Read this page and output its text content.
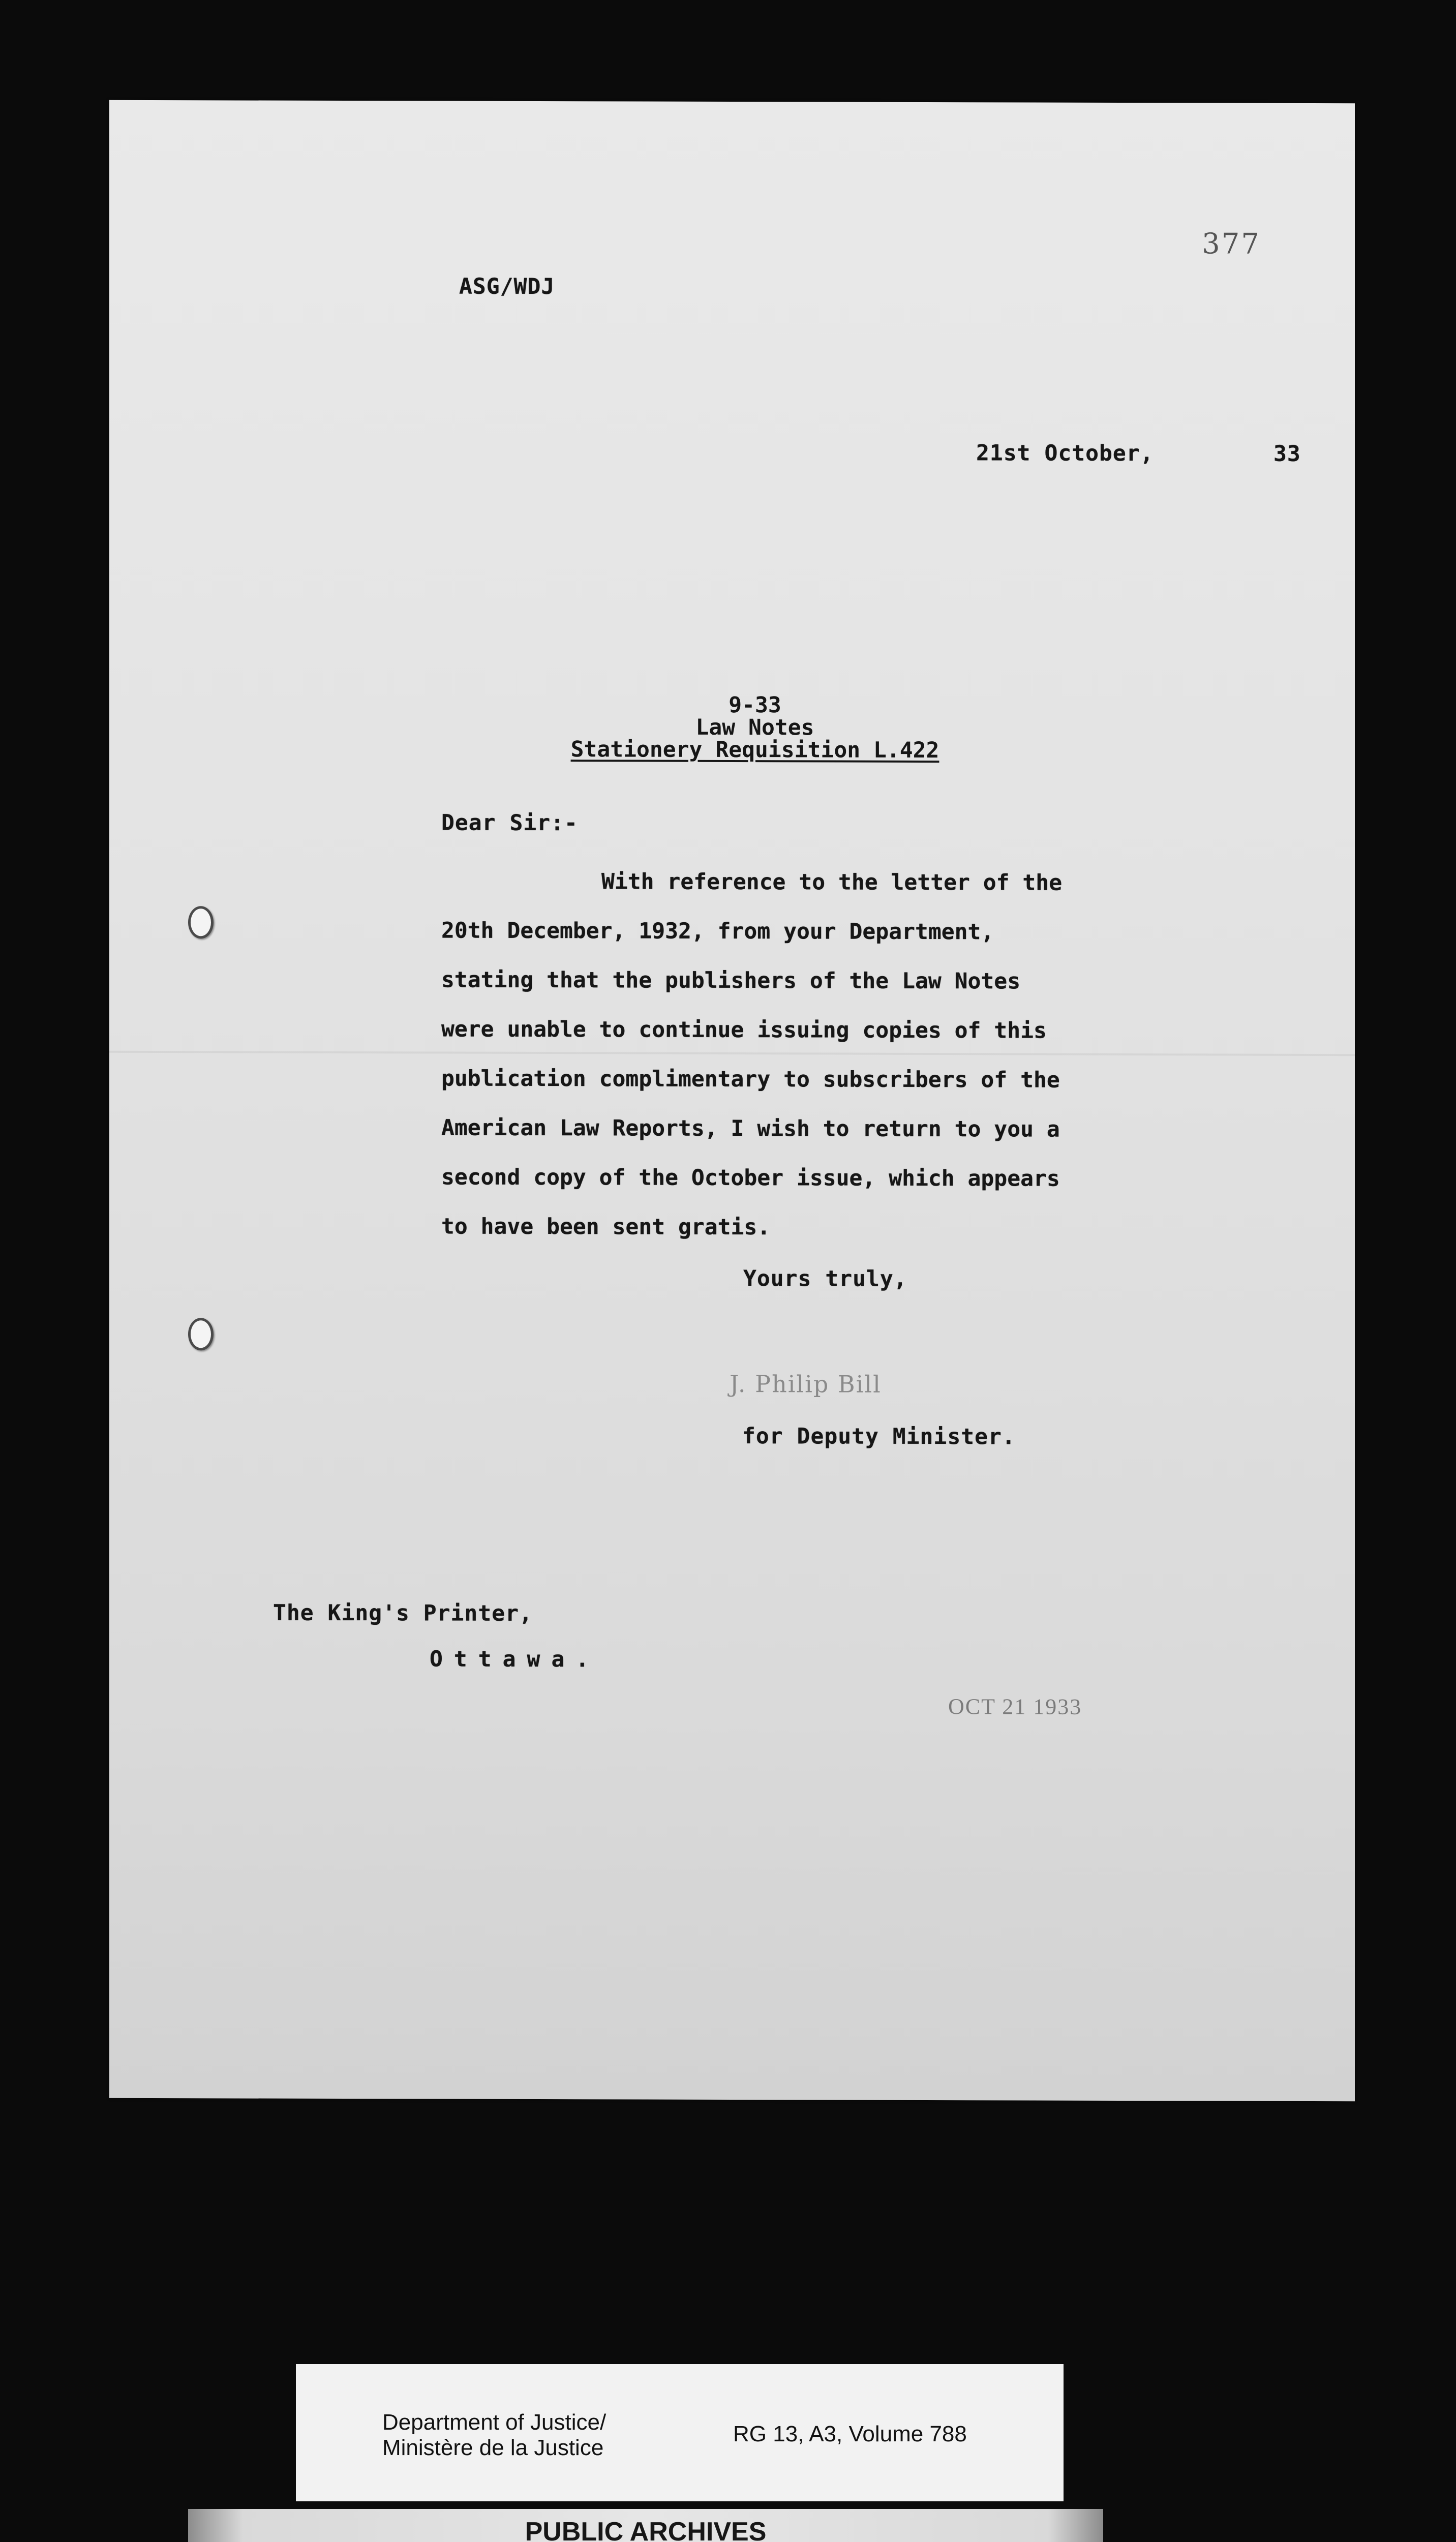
377
ASG/WDJ
21st October,	33
9-33
Law Notes
Stationery Requisition L.422
Dear Sir:-
With reference to the letter of the
20th December, 1932, from your Department,
stating that the publishers of the Law Notes
were unable to continue issuing copies of this
publication complimentary to subscribers of the
American Law Reports, I wish to return to you a
second copy of the October issue, which appears
to have been sent gratis.
Yours truly,
J. Philip Bill
for Deputy Minister.
The King's Printer,
Ottawa.
OCT 21 1933
Department of Justice/
Ministère de la Justice
RG 13, A3, Volume 788
PUBLIC ARCHIVES
